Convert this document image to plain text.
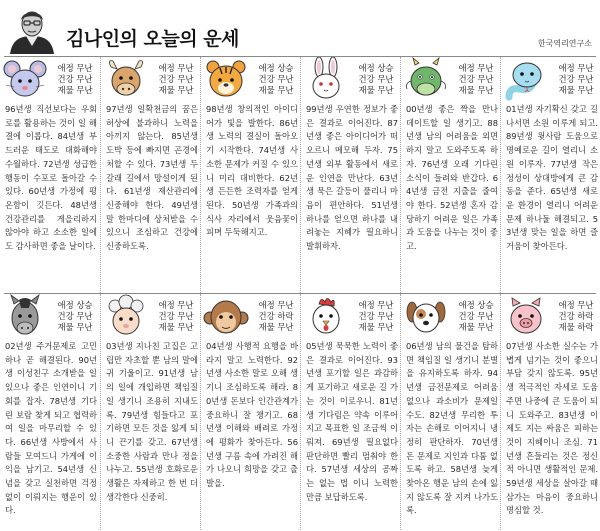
김나인의 오늘의 운세	한국역리연구소
애정 무난
건강 무난
재물 무난
96년생 직선보다는 우회로를 활용하는 것이 일 해결에 이롭다. 84년생 부드러운 태도로 대화해야 수월하다. 72년생 성급한 행동이 수포로 돌아갈 수 있다. 60년생 가정에 평온함이 깃든다. 48년생 건강관리를 게을리하지 않아야 하고 소소한 일에도 감사하면 좋을 날이다.
애정 무난
건강 무난
재물 무난
97년생 일확천금의 꿈은 허상에 불과하니 노력을 아끼지 않는다. 85년생 도박 등에 빠지면 곤경에 처할 수 있다. 73년생 두 갈래 길에서 망설이게 된다. 61년생 재산관리에 신중해야 한다. 49년생 말 한마디에 상처받을 수 있으니 조심하고 건강에 신중하도록.
애정 상승
건강 무난
재물 무난
98년생 창의적인 아이디어가 빛을 발한다. 86년생 노력의 결실이 돌아오기 시작한다. 74년생 사소한 문제가 커질 수 있으니 미리 대비한다. 62년생 든든한 조력자를 얻게 된다. 50년생 가족과의 식사 자리에서 웃음꽃이 피며 두둑해지고.
애정 상승
건강 무난
재물 무난
99년생 우연한 정보가 좋은 결과로 이어진다. 87년생 좋은 아이디어가 떠오르니 메모해 두자. 75년생 외부 활동에서 새로운 인연을 만난다. 63년생 묵은 갈등이 풀리니 마음이 편안하다. 51년생 하나를 얻으면 하나를 내려놓는 지혜가 필요하니 발휘하자.
애정 무난
건강 무난
재물 무난
00년생 좋은 짝을 만나 데이트할 일 생기고. 88년생 남의 어려움을 외면하지 말고 도와주도록 하자. 76년생 오래 기다린 소식이 들려와 반갑다. 64년생 금전 지출을 줄여야 한다. 52년생 혼자 감당하기 어려운 일은 가족과 도움을 나누는 것이 좋고.
애정 무난
건강 무난
재물 무난
01년생 자기확신 갖고 길 나서면 소원 이루게 되고. 89년생 윗사람 도움으로 명예로운 길이 열리니 소원 이루자. 77년생 작은 정성이 상대방에게 큰 감동을 준다. 65년생 새로운 환경이 열리니 어려운 문제 하나둘 해결되고. 53년생 맞는 일을 하면 즐거움이 찾아든다.
애정 상승
건강 무난
재물 무난
02년생 주거문제로 고민하나 곧 해결된다. 90년생 이성친구 소개받을 일 있으나 좋은 인연이니 기회를 잡자. 78년생 기다린 보람 찾게 되고 협력하여 일을 마무리할 수 있다. 66년생 사방에서 사람들 모여드니 가게에 이익을 남기고. 54년생 신념을 갖고 실천하면 걱정 없이 이뤄지는 행운이 있다.
애정 무난
건강 무난
재물 무난
03년생 지나친 고집은 고립만 자초할 뿐 남의 말에 귀 기울이고. 91년생 남의 일에 개입하면 책임질 일 생기니 조용히 지내도록. 79년생 힘들다고 포기하면 모든 것을 잃게 되니 끈기를 갖고. 67년생 소중한 사람과 만나 정을 나누고. 55년생 호화로운 생활은 자제하고 한 번 더 생각한다 신중히.
애정 무난
건강 하락
재물 무난
04년생 사행적 요행을 바라지 말고 노력한다. 92년생 사소한 말로 오해 생기니 조심하도록 해라. 80년생 돈보다 인간관계가 중요하니 잘 챙기고. 68년생 이해와 배려로 가정에 평화가 찾아든다. 56년생 구름 속에 가려진 해가 나오니 희망을 갖고 출발을.
애정 무난
건강 무난
재물 무난
05년생 묵묵한 노력이 좋은 결과로 이어진다. 93년생 포기할 일은 과감하게 포기하고 새로운 길 가는 것이 이로우니. 81년생 기다림은 약속 이루어지고 목표한 일 조금씩 이뤄져. 69년생 필요없다 판단하면 빨리 멈춰야 한다. 57년생 세상의 공짜는 없는 법 이니 노력한 만큼 보답하도록.
애정 상승
건강 무난
재물 무난
06년생 남의 물건을 탐하면 책임질 일 생기니 분별을 유지하도록 하자. 94년생 금전문제로 어려움 없으나 과소비가 문제일 수도. 82년생 무리한 투자는 손해로 이어지니 냉정히 판단하자. 70년생 돈 문제로 지인과 다툼 없도록 하고. 58년생 늦게 찾아온 행운 남의 손에 잃지 않도록 잘 지켜 나가도록.
애정 무난
건강 하락
재물 하락
07년생 사소한 실수는 가볍게 넘기는 것이 좋으니 부담 갖지 않도록. 95년생 적극적인 자세로 도움 주면 나중에 큰 도움이 되니 도와주고. 83년생 이제도 지는 싸움은 피하는 것이 지혜이니 조심. 71년생 흔들리는 것은 정신적 아니면 생활적인 문제. 59년생 세상을 살아갈 때 삼가는 마음이 중요하니 명심할 것.
